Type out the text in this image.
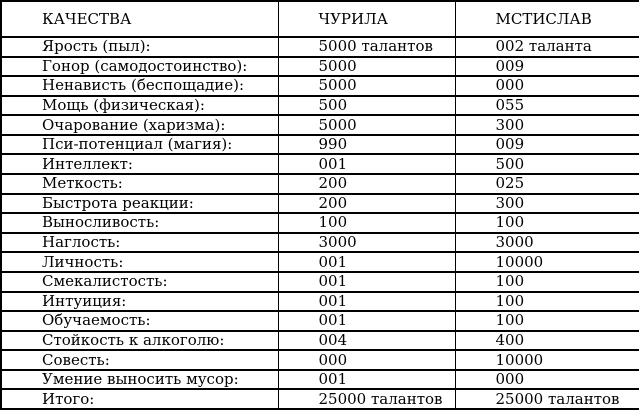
КАЧЕСТВА	ЧУРИЛА	МСТИСЛАВ
Ярость (пыл):	5000 талантов	002 таланта
Гонор (самодостоинство):	5000	009
Ненависть (беспощадие):	5000	000
Мощь (физическая):	500	055
Очарование (харизма):	5000	300
Пси-потенциал (магия):	990	009
Интеллект:	001	500
Меткость:	200	025
Быстрота реакции:	200	300
Выносливость:	100	100
Наглость:	3000	3000
Личность:	001	10000
Смекалистость:	001	100
Интуиция:	001	100
Обучаемость:	001	100
Стойкость к алкоголю:	004	400
Совесть:	000	10000
Умение выносить мусор:	001	000
Итого:	25000 талантов	25000 талантов
